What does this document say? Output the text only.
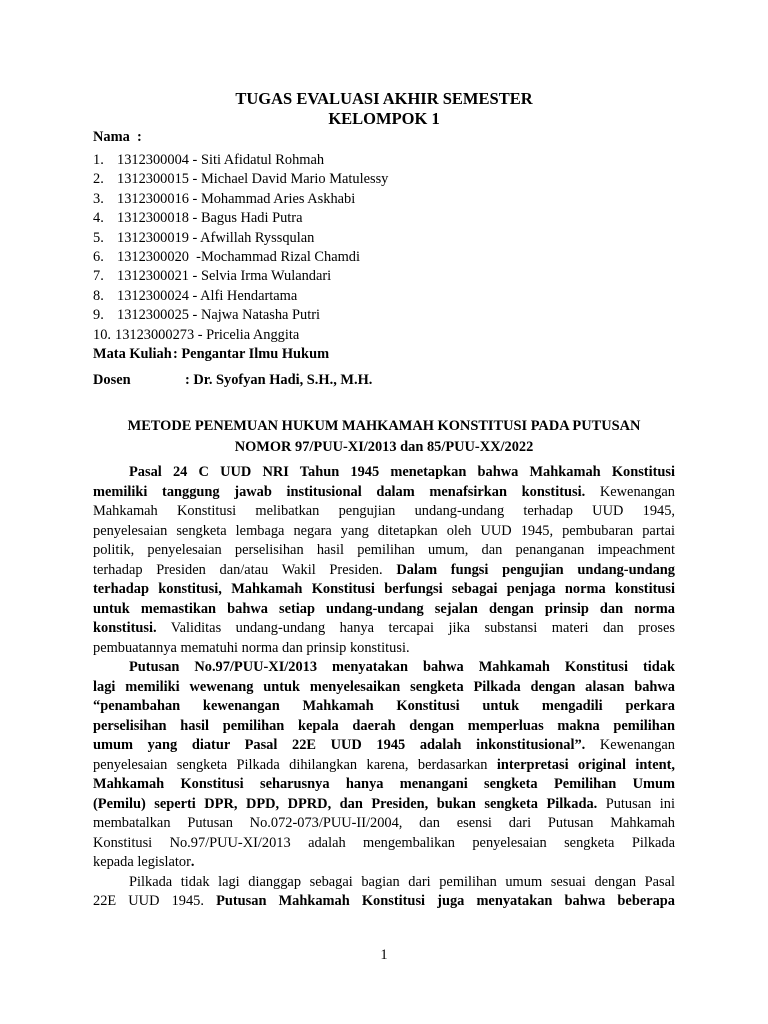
TUGAS EVALUASI AKHIR SEMESTER
KELOMPOK 1
Nama  :
1. 1312300004 - Siti Afidatul Rohmah
2. 1312300015 - Michael David Mario Matulessy
3. 1312300016 - Mohammad Aries Askhabi
4. 1312300018 - Bagus Hadi Putra
5. 1312300019 - Afwillah Ryssqulan
6. 1312300020  -Mochammad Rizal Chamdi
7. 1312300021 - Selvia Irma Wulandari
8. 1312300024 - Alfi Hendartama
9. 1312300025 - Najwa Natasha Putri
10. 13123000273 - Pricelia Anggita
Mata Kuliah : Pengantar Ilmu Hukum
Dosen	: Dr. Syofyan Hadi, S.H., M.H.
METODE PENEMUAN HUKUM MAHKAMAH KONSTITUSI PADA PUTUSAN
NOMOR 97/PUU-XI/2013 dan 85/PUU-XX/2022
Pasal 24 C UUD NRI Tahun 1945 menetapkan bahwa Mahkamah Konstitusi
memiliki tanggung jawab institusional dalam menafsirkan konstitusi. Kewenangan
Mahkamah Konstitusi melibatkan pengujian undang-undang terhadap UUD 1945,
penyelesaian sengketa lembaga negara yang ditetapkan oleh UUD 1945, pembubaran partai
politik, penyelesaian perselisihan hasil pemilihan umum, dan penanganan impeachment
terhadap Presiden dan/atau Wakil Presiden. Dalam fungsi pengujian undang-undang
terhadap konstitusi, Mahkamah Konstitusi berfungsi sebagai penjaga norma konstitusi
untuk memastikan bahwa setiap undang-undang sejalan dengan prinsip dan norma
konstitusi. Validitas undang-undang hanya tercapai jika substansi materi dan proses
pembuatannya mematuhi norma dan prinsip konstitusi.
Putusan No.97/PUU-XI/2013 menyatakan bahwa Mahkamah Konstitusi tidak
lagi memiliki wewenang untuk menyelesaikan sengketa Pilkada dengan alasan bahwa
“penambahan kewenangan Mahkamah Konstitusi untuk mengadili perkara
perselisihan hasil pemilihan kepala daerah dengan memperluas makna pemilihan
umum yang diatur Pasal 22E UUD 1945 adalah inkonstitusional”. Kewenangan
penyelesaian sengketa Pilkada dihilangkan karena, berdasarkan interpretasi original intent,
Mahkamah Konstitusi seharusnya hanya menangani sengketa Pemilihan Umum
(Pemilu) seperti DPR, DPD, DPRD, dan Presiden, bukan sengketa Pilkada. Putusan ini
membatalkan Putusan No.072-073/PUU-II/2004, dan esensi dari Putusan Mahkamah
Konstitusi No.97/PUU-XI/2013 adalah mengembalikan penyelesaian sengketa Pilkada
kepada legislator.
Pilkada tidak lagi dianggap sebagai bagian dari pemilihan umum sesuai dengan Pasal
22E UUD 1945. Putusan Mahkamah Konstitusi juga menyatakan bahwa beberapa
1
